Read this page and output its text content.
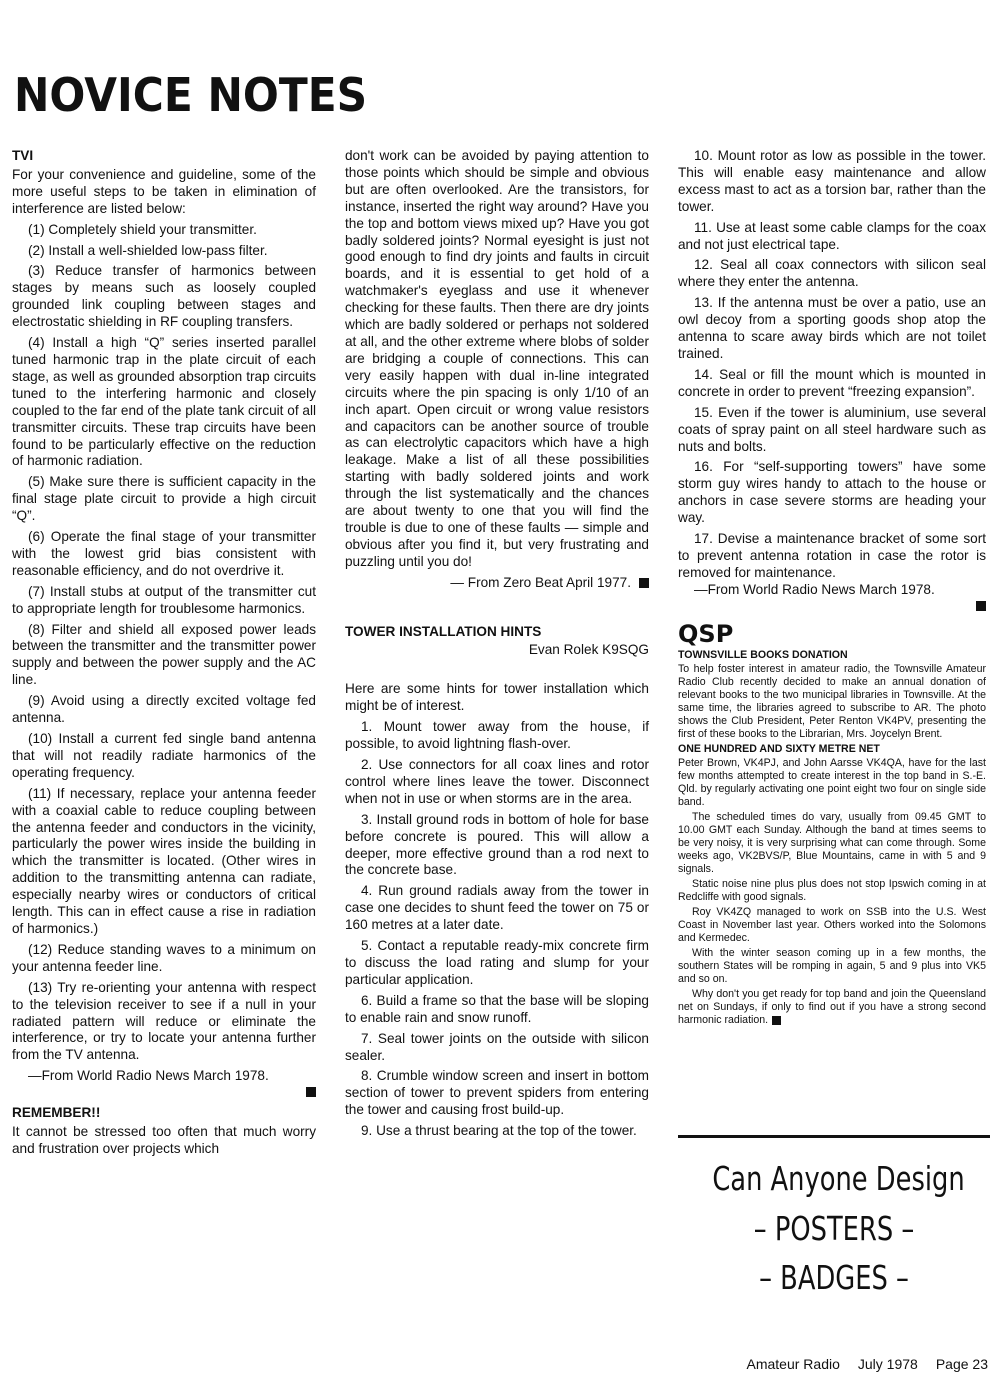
NOVICE NOTES
TVI

For your convenience and guideline, some of the more useful steps to be taken in elimination of interference are listed below:

(1) Completely shield your transmitter.

(2) Install a well-shielded low-pass filter.

(3) Reduce transfer of harmonics between stages by means such as loosely coupled grounded link coupling between stages and electrostatic shielding in RF coupling transfers.

(4) Install a high “Q” series inserted parallel tuned harmonic trap in the plate circuit of each stage, as well as grounded absorption trap circuits tuned to the interfering harmonic and closely coupled to the far end of the plate tank circuit of all transmitter circuits. These trap circuits have been found to be particularly effective on the reduction of harmonic radiation.

(5) Make sure there is sufficient capacity in the final stage plate circuit to provide a high circuit “Q”.

(6) Operate the final stage of your transmitter with the lowest grid bias consistent with reasonable efficiency, and do not overdrive it.

(7) Install stubs at output of the transmitter cut to appropriate length for troublesome harmonics.

(8) Filter and shield all exposed power leads between the transmitter and the transmitter power supply and between the power supply and the AC line.

(9) Avoid using a directly excited voltage fed antenna.

(10) Install a current fed single band antenna that will not readily radiate harmonics of the operating frequency.

(11) If necessary, replace your antenna feeder with a coaxial cable to reduce coupling between the antenna feeder and conductors in the vicinity, particularly the power wires inside the building in which the transmitter is located. (Other wires in addition to the transmitting antenna can radiate, especially nearby wires or conductors of critical length. This can in effect cause a rise in radiation of harmonics.)

(12) Reduce standing waves to a minimum on your antenna feeder line.

(13) Try re-orienting your antenna with respect to the television receiver to see if a null in your radiated pattern will reduce or eliminate the interference, or try to locate your antenna further from the TV antenna.

—From World Radio News March 1978.

REMEMBER!!

It cannot be stressed too often that much worry and frustration over projects which

don't work can be avoided by paying attention to those points which should be simple and obvious but are often overlooked. Are the transistors, for instance, inserted the right way around? Have you the top and bottom views mixed up? Have you got badly soldered joints? Normal eyesight is just not good enough to find dry joints and faults in circuit boards, and it is essential to get hold of a watchmaker's eyeglass and use it whenever checking for these faults. Then there are dry joints which are badly soldered or perhaps not soldered at all, and the other extreme where blobs of solder are bridging a couple of connections. This can very easily happen with dual in-line integrated circuits where the pin spacing is only 1/10 of an inch apart. Open circuit or wrong value resistors and capacitors can be another source of trouble as can electrolytic capacitors which have a high leakage. Make a list of all these possibilities starting with badly soldered joints and work through the list systematically and the chances are about twenty to one that you will find the trouble is due to one of these faults — simple and obvious after you find it, but very frustrating and puzzling until you do!

— From Zero Beat April 1977.

TOWER INSTALLATION HINTS

Evan Rolek K9SQG

Here are some hints for tower installation which might be of interest.

1. Mount tower away from the house, if possible, to avoid lightning flash-over.

2. Use connectors for all coax lines and rotor control where lines leave the tower. Disconnect when not in use or when storms are in the area.

3. Install ground rods in bottom of hole for base before concrete is poured. This will allow a deeper, more effective ground than a rod next to the concrete base.

4. Run ground radials away from the tower in case one decides to shunt feed the tower on 75 or 160 metres at a later date.

5. Contact a reputable ready-mix concrete firm to discuss the load rating and slump for your particular application.

6. Build a frame so that the base will be sloping to enable rain and snow runoff.

7. Seal tower joints on the outside with silicon sealer.

8. Crumble window screen and insert in bottom section of tower to prevent spiders from entering the tower and causing frost build-up.

9. Use a thrust bearing at the top of the tower.

10. Mount rotor as low as possible in the tower. This will enable easy maintenance and allow excess mast to act as a torsion bar, rather than the tower.

11. Use at least some cable clamps for the coax and not just electrical tape.

12. Seal all coax connectors with silicon seal where they enter the antenna.

13. If the antenna must be over a patio, use an owl decoy from a sporting goods shop atop the antenna to scare away birds which are not toilet trained.

14. Seal or fill the mount which is mounted in concrete in order to prevent “freezing expansion”.

15. Even if the tower is aluminium, use several coats of spray paint on all steel hardware such as nuts and bolts.

16. For “self-supporting towers” have some storm guy wires handy to attach to the house or anchors in case severe storms are heading your way.

17. Devise a maintenance bracket of some sort to prevent antenna rotation in case the rotor is removed for maintenance.

—From World Radio News March 1978.

QSP
TOWNSVILLE BOOKS DONATION

To help foster interest in amateur radio, the Townsville Amateur Radio Club recently decided to make an annual donation of relevant books to the two municipal libraries in Townsville. At the same time, the libraries agreed to subscribe to AR. The photo shows the Club President, Peter Renton VK4PV, presenting the first of these books to the Librarian, Mrs. Joycelyn Brent.

ONE HUNDRED AND SIXTY METRE NET

Peter Brown, VK4PJ, and John Aarsse VK4QA, have for the last few months attempted to create interest in the top band in S.-E. Qld. by regularly activating one point eight two four on single side band.

The scheduled times do vary, usually from 09.45 GMT to 10.00 GMT each Sunday. Although the band at times seems to be very noisy, it is very surprising what can come through. Some weeks ago, VK2BVS/P, Blue Mountains, came in with 5 and 9 signals.

Static noise nine plus plus does not stop Ipswich coming in at Redcliffe with good signals.

Roy VK4ZQ managed to work on SSB into the U.S. West Coast in November last year. Others worked into the Solomons and Kermedec.

With the winter season coming up in a few months, the southern States will be romping in again, 5 and 9 plus into VK5 and so on.

Why don't you get ready for top band and join the Queensland net on Sundays, if only to find out if you have a strong second harmonic radiation.

Can Anyone Design
– POSTERS –
– BADGES –
Amateur Radio July 1978 Page 23
